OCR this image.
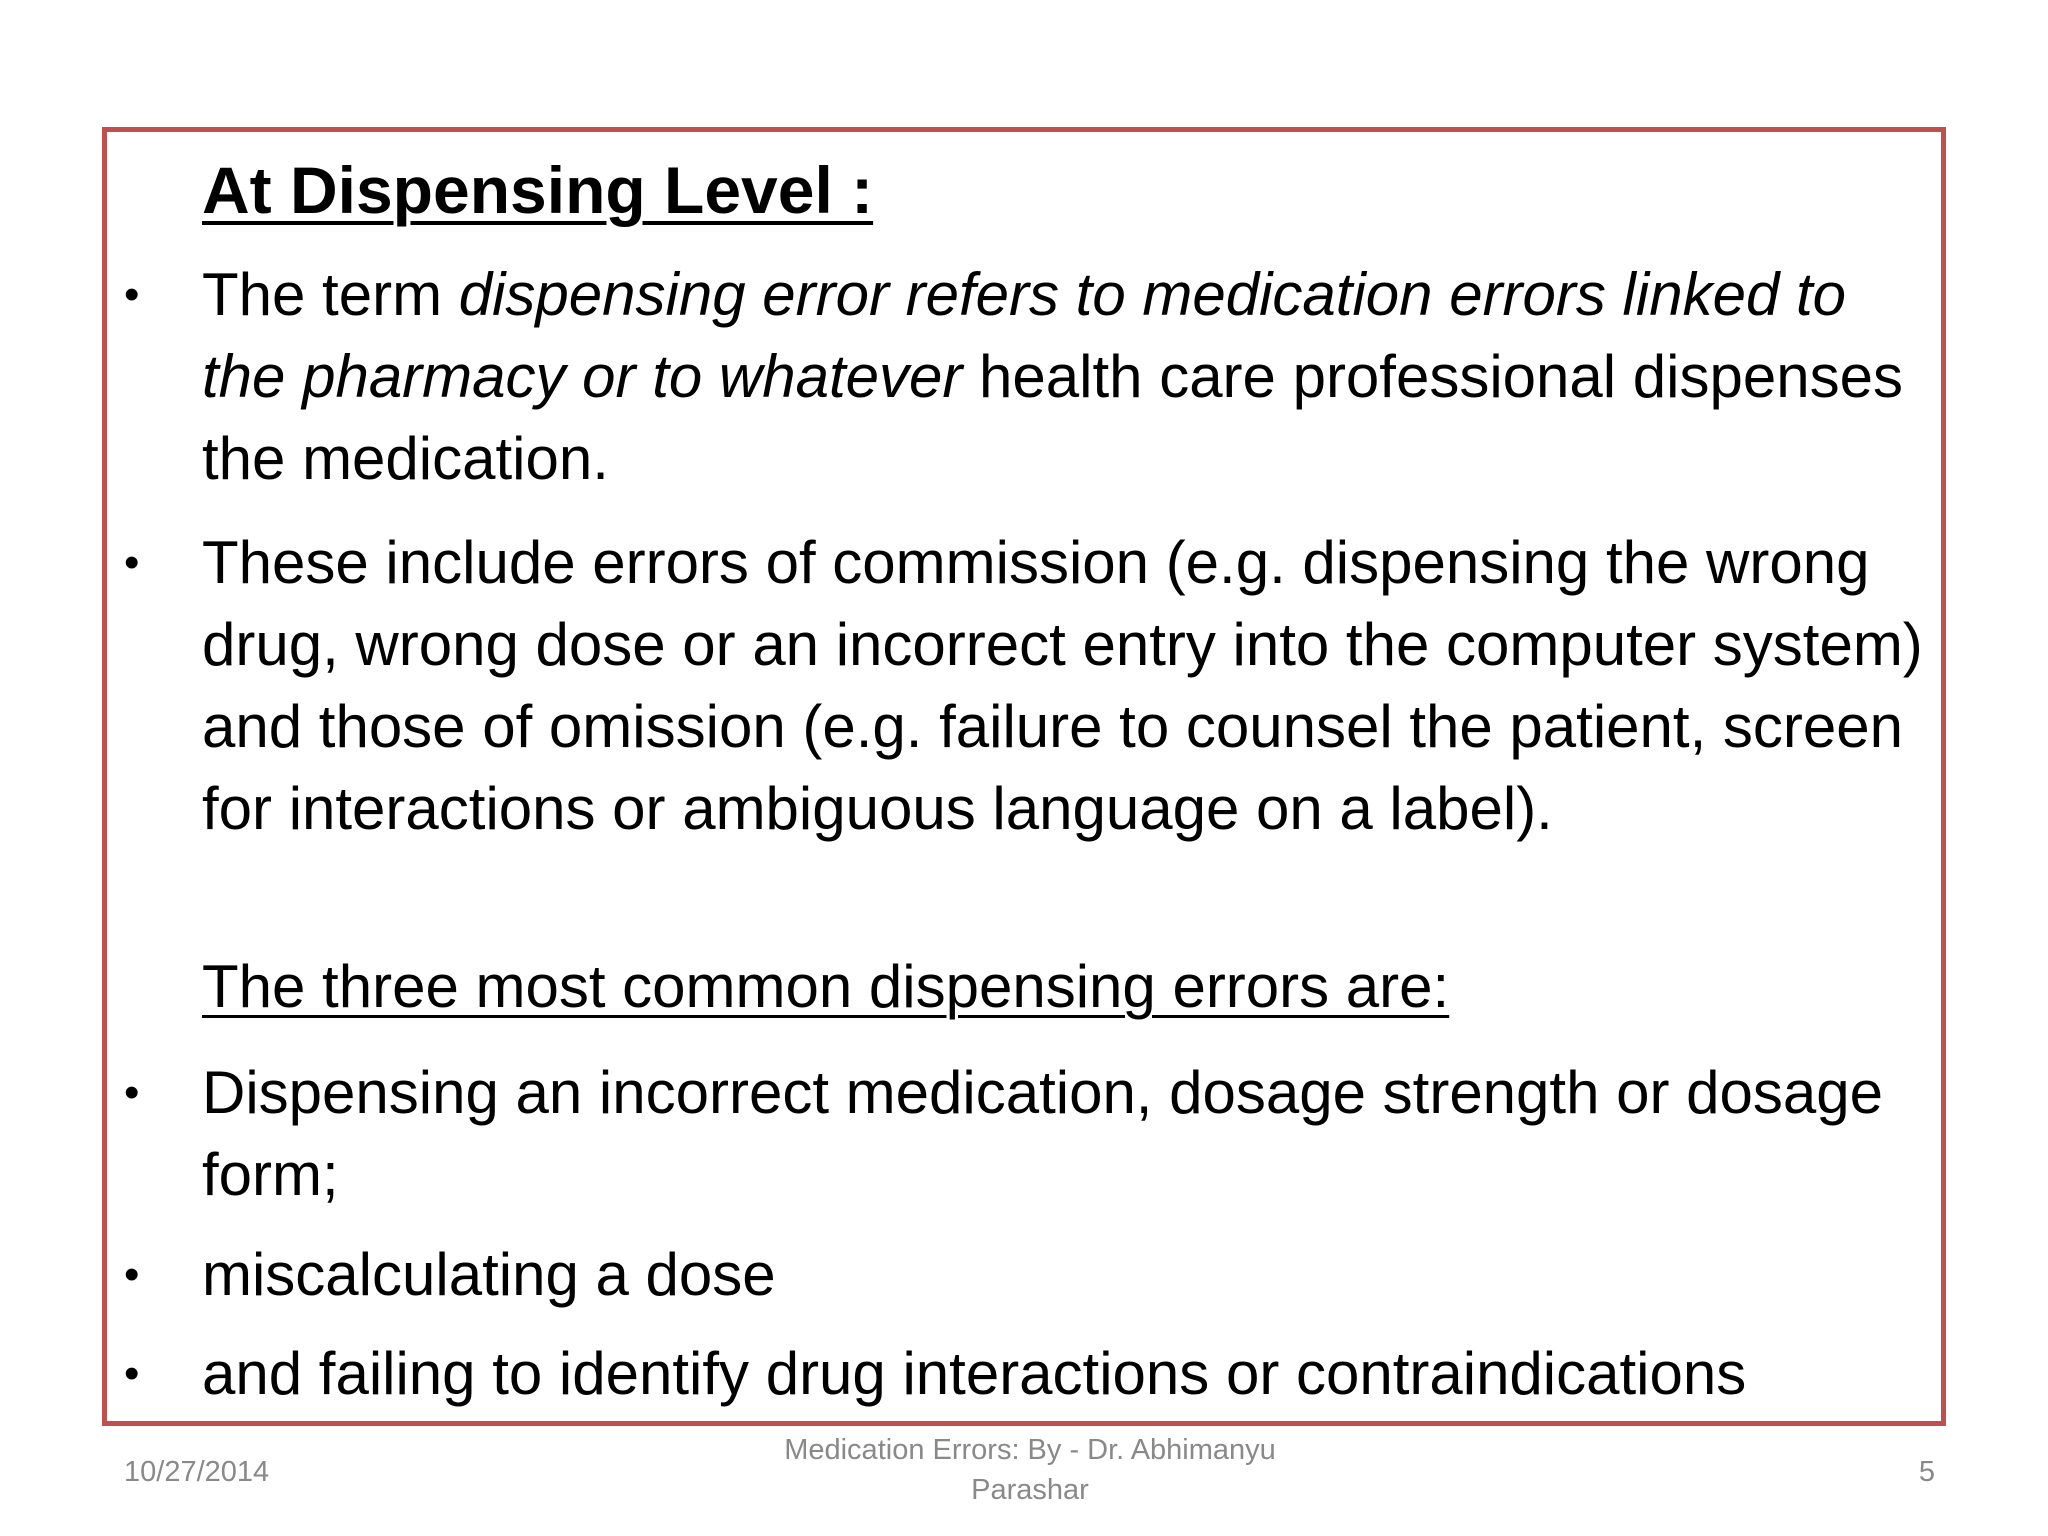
At Dispensing Level :
• The term dispensing error refers to medication errors linked to the pharmacy or to whatever health care professional dispenses the medication.
• These include errors of commission (e.g. dispensing the wrong drug, wrong dose or an incorrect entry into the computer system) and those of omission (e.g. failure to counsel the patient, screen for interactions or ambiguous language on a label).
The three most common dispensing errors are:
• Dispensing an incorrect medication, dosage strength or dosage form;
• miscalculating a dose
• and failing to identify drug interactions or contraindications
10/27/2014
Medication Errors: By - Dr. Abhimanyu Parashar
5
